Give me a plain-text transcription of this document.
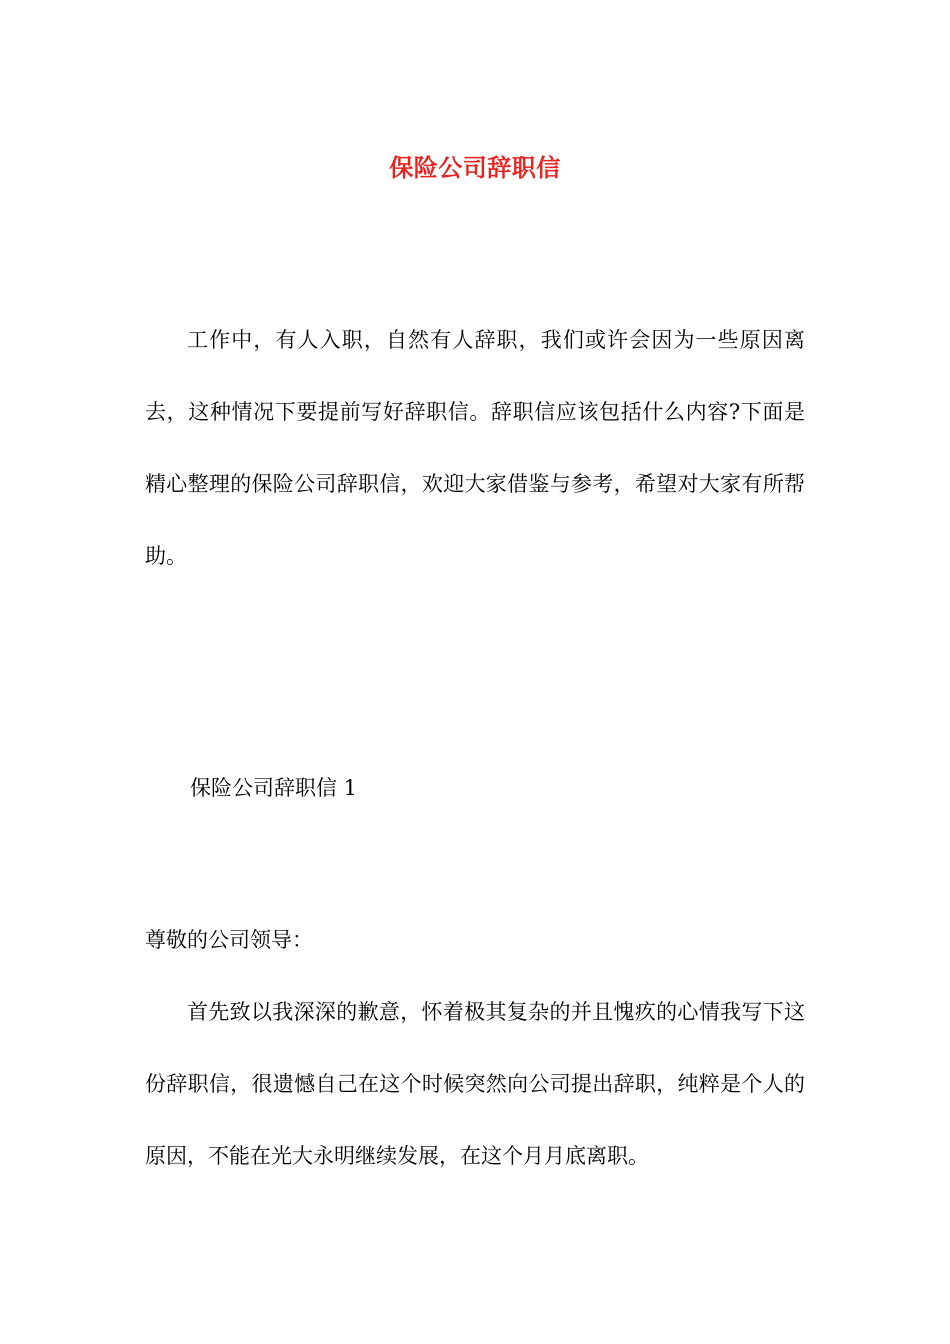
保险公司辞职信

工作中，有人入职，自然有人辞职，我们或许会因为一些原因离去，这种情况下要提前写好辞职信。辞职信应该包括什么内容?下面是精心整理的保险公司辞职信，欢迎大家借鉴与参考，希望对大家有所帮助。

保险公司辞职信 1

尊敬的公司领导：

首先致以我深深的歉意，怀着极其复杂的并且愧疚的心情我写下这份辞职信，很遗憾自己在这个时候突然向公司提出辞职，纯粹是个人的原因，不能在光大永明继续发展，在这个月月底离职。
